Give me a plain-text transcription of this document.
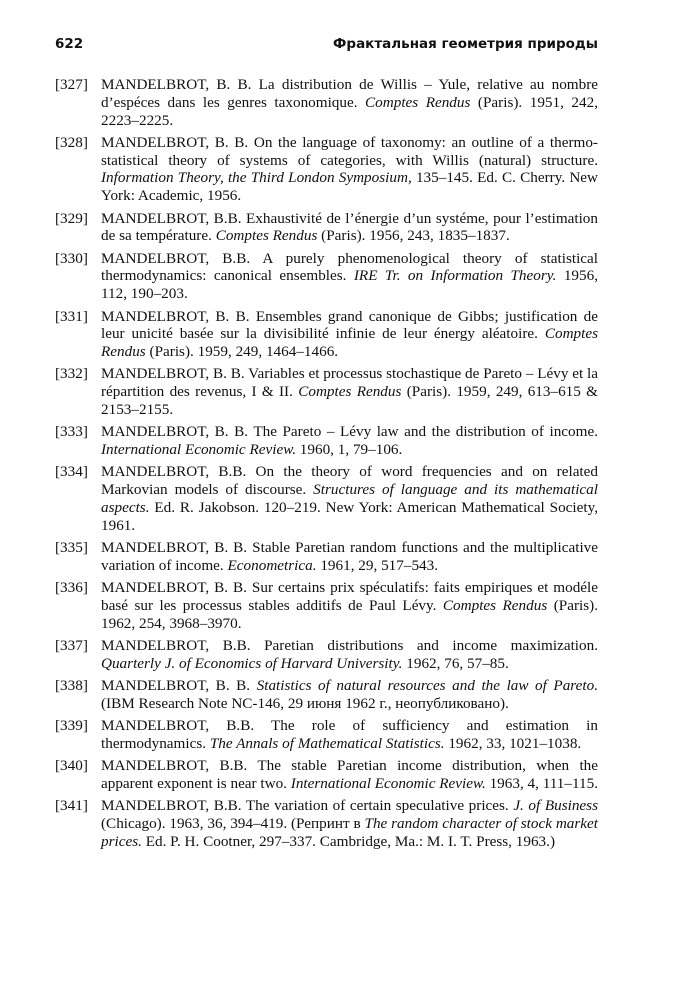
622	Фрактальная геометрия природы
[327] MANDELBROT, B. B. La distribution de Willis – Yule, relative au nombre d’espéces dans les genres taxonomique. Comptes Rendus (Paris). 1951, 242, 2223–2225.
[328] MANDELBROT, B. B. On the language of taxonomy: an outline of a thermo-statistical theory of systems of categories, with Willis (natural) structure. Information Theory, the Third London Symposium, 135–145. Ed. C. Cherry. New York: Academic, 1956.
[329] MANDELBROT, B.B. Exhaustivité de l’énergie d’un systéme, pour l’estimation de sa température. Comptes Rendus (Paris). 1956, 243, 1835–1837.
[330] MANDELBROT, B.B. A purely phenomenological theory of statistical thermodynamics: canonical ensembles. IRE Tr. on Information Theory. 1956, 112, 190–203.
[331] MANDELBROT, B. B. Ensembles grand canonique de Gibbs; justification de leur unicité basée sur la divisibilité infinie de leur énergy aléatoire. Comptes Rendus (Paris). 1959, 249, 1464–1466.
[332] MANDELBROT, B. B. Variables et processus stochastique de Pareto – Lévy et la répartition des revenus, I & II. Comptes Rendus (Paris). 1959, 249, 613–615 & 2153–2155.
[333] MANDELBROT, B. B. The Pareto – Lévy law and the distribution of income. International Economic Review. 1960, 1, 79–106.
[334] MANDELBROT, B.B. On the theory of word frequencies and on related Markovian models of discourse. Structures of language and its mathematical aspects. Ed. R. Jakobson. 120–219. New York: American Mathematical Society, 1961.
[335] MANDELBROT, B. B. Stable Paretian random functions and the multiplicative variation of income. Econometrica. 1961, 29, 517–543.
[336] MANDELBROT, B. B. Sur certains prix spéculatifs: faits empiriques et modéle basé sur les processus stables additifs de Paul Lévy. Comptes Rendus (Paris). 1962, 254, 3968–3970.
[337] MANDELBROT, B.B. Paretian distributions and income maximization. Quarterly J. of Economics of Harvard University. 1962, 76, 57–85.
[338] MANDELBROT, B. B. Statistics of natural resources and the law of Pareto. (IBM Research Note NC-146, 29 июня 1962 г., неопубликовано).
[339] MANDELBROT, B.B. The role of sufficiency and estimation in thermodynamics. The Annals of Mathematical Statistics. 1962, 33, 1021–1038.
[340] MANDELBROT, B.B. The stable Paretian income distribution, when the apparent exponent is near two. International Economic Review. 1963, 4, 111–115.
[341] MANDELBROT, B.B. The variation of certain speculative prices. J. of Business (Chicago). 1963, 36, 394–419. (Репринт в The random character of stock market prices. Ed. P. H. Cootner, 297–337. Cambridge, Ma.: M. I. T. Press, 1963.)
